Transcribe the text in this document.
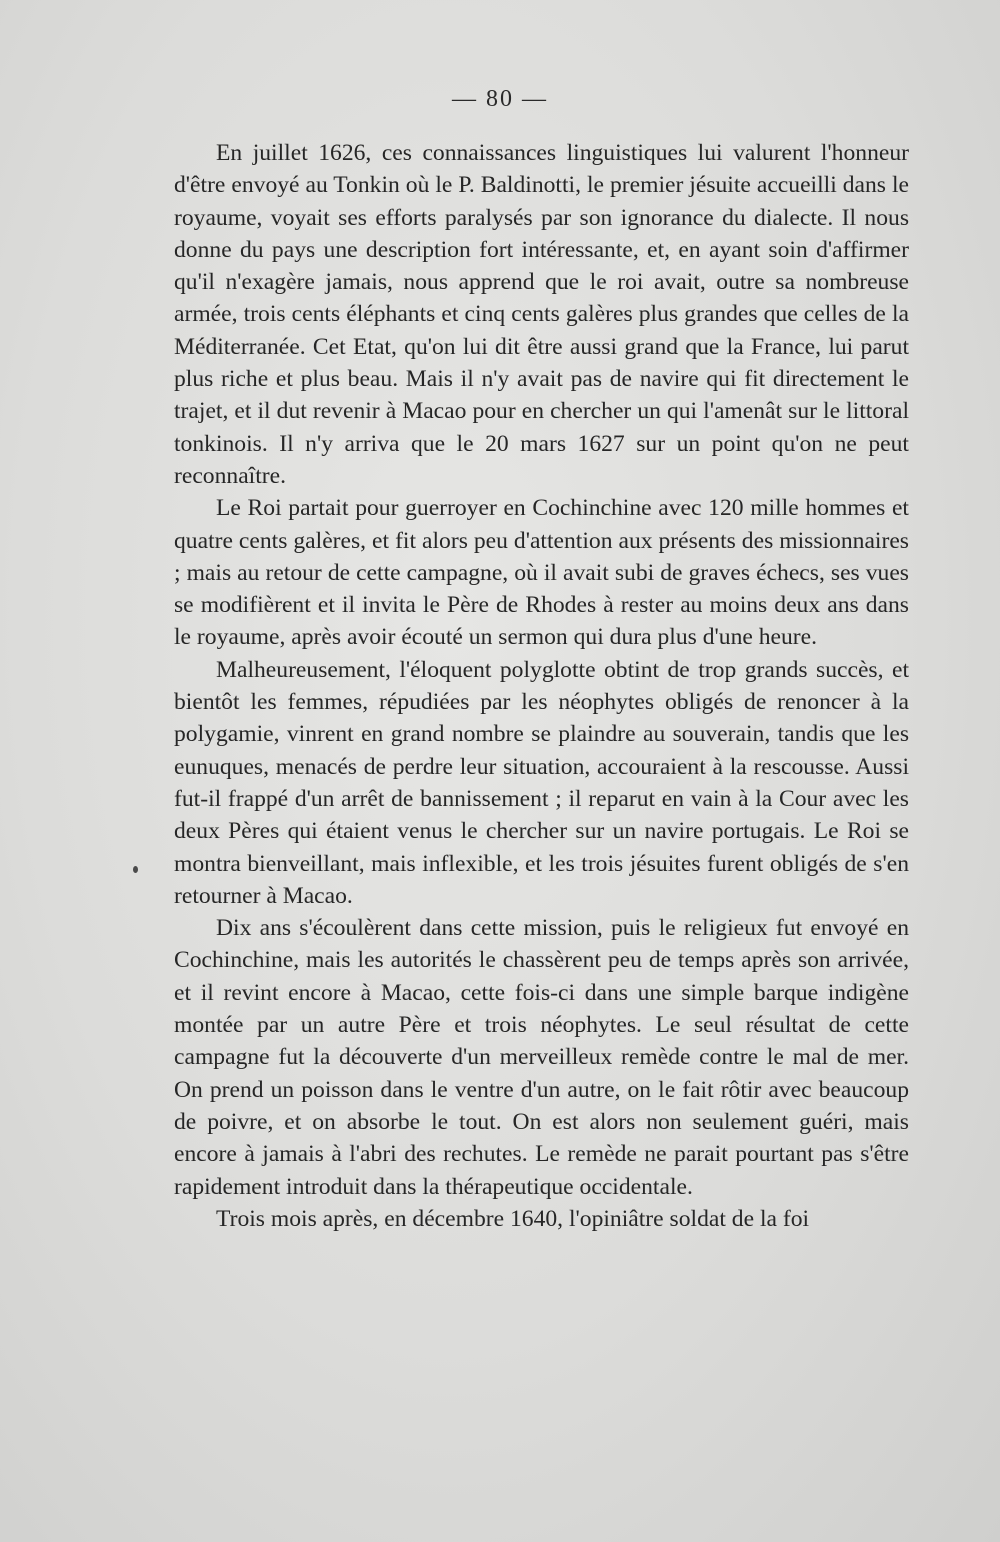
— 80 —

En juillet 1626, ces connaissances linguistiques lui valurent l'honneur d'être envoyé au Tonkin où le P. Baldinotti, le premier jésuite accueilli dans le royaume, voyait ses efforts paralysés par son ignorance du dialecte. Il nous donne du pays une description fort intéressante, et, en ayant soin d'affirmer qu'il n'exagère jamais, nous apprend que le roi avait, outre sa nombreuse armée, trois cents éléphants et cinq cents galères plus grandes que celles de la Méditerranée. Cet Etat, qu'on lui dit être aussi grand que la France, lui parut plus riche et plus beau. Mais il n'y avait pas de navire qui fit directement le trajet, et il dut revenir à Macao pour en chercher un qui l'amenât sur le littoral tonkinois. Il n'y arriva que le 20 mars 1627 sur un point qu'on ne peut reconnaître.

Le Roi partait pour guerroyer en Cochinchine avec 120 mille hommes et quatre cents galères, et fit alors peu d'attention aux présents des missionnaires ; mais au retour de cette campagne, où il avait subi de graves échecs, ses vues se modifièrent et il invita le Père de Rhodes à rester au moins deux ans dans le royaume, après avoir écouté un sermon qui dura plus d'une heure.

Malheureusement, l'éloquent polyglotte obtint de trop grands succès, et bientôt les femmes, répudiées par les néophytes obligés de renoncer à la polygamie, vinrent en grand nombre se plaindre au souverain, tandis que les eunuques, menacés de perdre leur situation, accouraient à la rescousse. Aussi fut-il frappé d'un arrêt de bannissement ; il reparut en vain à la Cour avec les deux Pères qui étaient venus le chercher sur un navire portugais. Le Roi se montra bienveillant, mais inflexible, et les trois jésuites furent obligés de s'en retourner à Macao.

Dix ans s'écoulèrent dans cette mission, puis le religieux fut envoyé en Cochinchine, mais les autorités le chassèrent peu de temps après son arrivée, et il revint encore à Macao, cette fois-ci dans une simple barque indigène montée par un autre Père et trois néophytes. Le seul résultat de cette campagne fut la découverte d'un merveilleux remède contre le mal de mer. On prend un poisson dans le ventre d'un autre, on le fait rôtir avec beaucoup de poivre, et on absorbe le tout. On est alors non seulement guéri, mais encore à jamais à l'abri des rechutes. Le remède ne parait pourtant pas s'être rapidement introduit dans la thérapeutique occidentale.

Trois mois après, en décembre 1640, l'opiniâtre soldat de la foi
